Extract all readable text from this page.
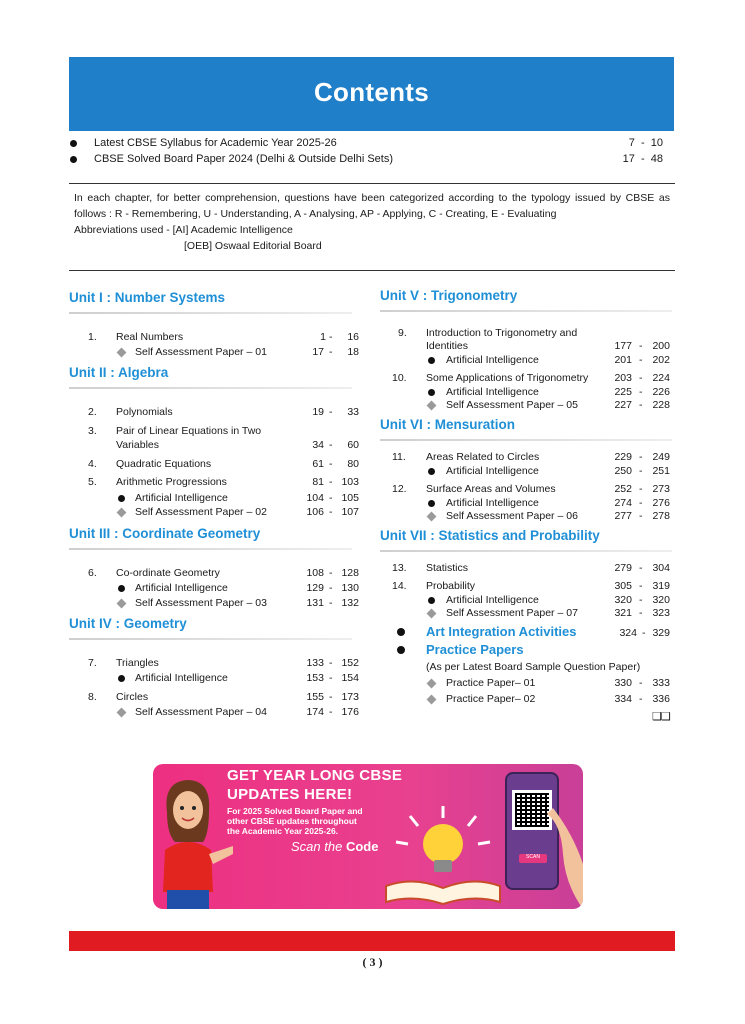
Contents
Latest CBSE Syllabus for Academic Year 2025-26	7 - 10
CBSE Solved Board Paper 2024 (Delhi & Outside Delhi Sets)	17 - 48
In each chapter, for better comprehension, questions have been categorized according to the typology issued by CBSE as follows : R - Remembering, U - Understanding, A - Analysing, AP - Applying, C - Creating, E - Evaluating
Abbreviations used - [AI] Academic Intelligence
[OEB] Oswaal Editorial Board
Unit I : Number Systems
Unit II : Algebra
Unit III : Coordinate Geometry
Unit IV : Geometry
Unit V : Trigonometry
Unit VI : Mensuration
Unit VII : Statistics and Probability
1. Real Numbers	1 -	16
Self Assessment Paper – 01	17 -	18
2. Polynomials	19 -	33
3. Pair of Linear Equations in Two
Variables	34 -	60
4. Quadratic Equations	61 -	80
5. Arithmetic Progressions	81 - 103
Artificial Intelligence	104 - 105
Self Assessment Paper – 02	106 - 107
6. Co-ordinate Geometry	108 - 128
Artificial Intelligence	129 - 130
Self Assessment Paper – 03	131 - 132
7. Triangles	133 - 152
Artificial Intelligence	153 - 154
8. Circles	155 - 173
Self Assessment Paper – 04	174 - 176
9. Introduction to Trigonometry and
Identities	177 - 200
Artificial Intelligence	201 - 202
10. Some Applications of Trigonometry	203 - 224
Artificial Intelligence	225 - 226
Self Assessment Paper – 05	227 - 228
11. Areas Related to Circles	229 - 249
Artificial Intelligence	250 - 251
12. Surface Areas and Volumes	252 - 273
Artificial Intelligence	274 - 276
Self Assessment Paper – 06	277 - 278
13. Statistics	279 - 304
14. Probability	305 - 319
Artificial Intelligence	320 - 320
Self Assessment Paper – 07	321 - 323
Art Integration Activities	324 - 329
Practice Papers
(As per Latest Board Sample Question Paper)
Practice Paper– 01	330 - 333
Practice Paper– 02	334 - 336
❑❑
GET YEAR LONG CBSE
UPDATES HERE!
For 2025 Solved Board Paper and
other CBSE updates throughout
the Academic Year 2025-26.
Scan the Code
SCAN
( 3 )
